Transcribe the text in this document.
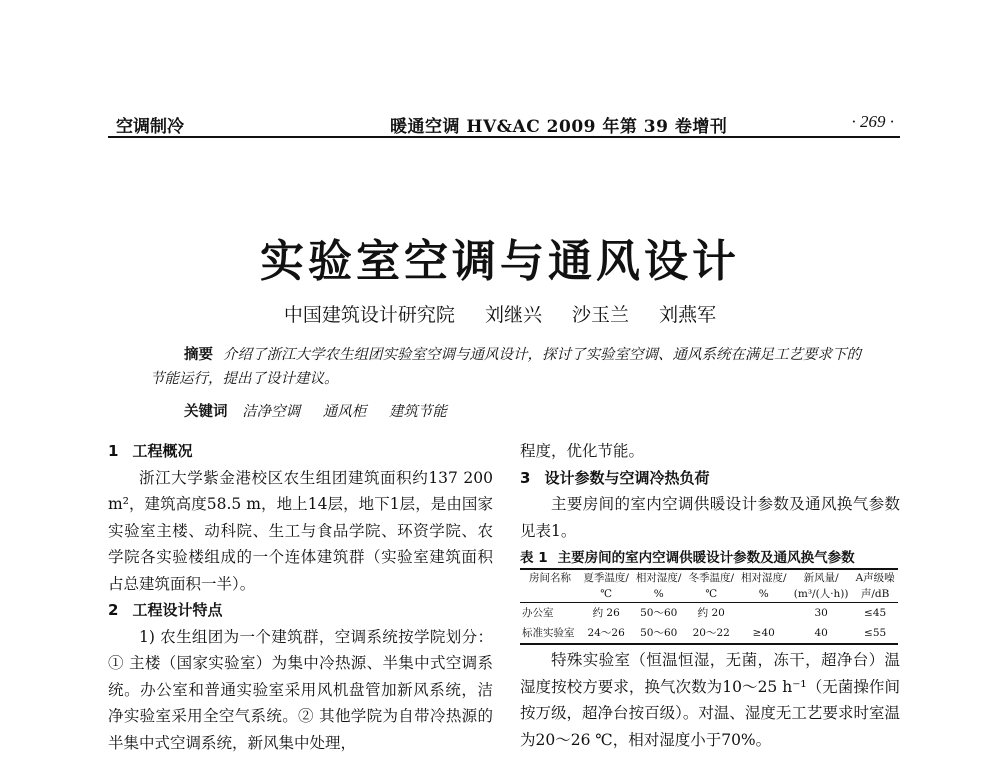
空调制冷	暖通空调 HV&AC 2009 年第 39 卷增刊	· 269 ·
实验室空调与通风设计
中国建筑设计研究院 刘继兴 沙玉兰 刘燕军
摘要 介绍了浙江大学农生组团实验室空调与通风设计，探讨了实验室空调、通风系统在满足工艺要求下的节能运行，提出了设计建议。
关键词 洁净空调 通风柜 建筑节能

1 工程概况

浙江大学紫金港校区农生组团建筑面积约137 200 m²，建筑高度58.5 m，地上14层，地下1层，是由国家实验室主楼、动科院、生工与食品学院、环资学院、农学院各实验楼组成的一个连体建筑群（实验室建筑面积占总建筑面积一半）。

2 工程设计特点

1) 农生组团为一个建筑群，空调系统按学院划分：① 主楼（国家实验室）为集中冷热源、半集中式空调系统。办公室和普通实验室采用风机盘管加新风系统，洁净实验室采用全空气系统。② 其他学院为自带冷热源的半集中式空调系统，新风集中处理，

程度，优化节能。

3 设计参数与空调冷热负荷

主要房间的室内空调供暖设计参数及通风换气参数见表1。

表 1 主要房间的室内空调供暖设计参数及通风换气参数
房间名称	夏季温度/	相对湿度/	冬季温度/	相对湿度/	新风量/	A声级噪
	℃	%	℃	%	(m³/(人·h))	声/dB
办公室	约 26	50～60	约 20		30	≤45
标准实验室	24～26	50～60	20～22	≥40	40	≤55

特殊实验室（恒温恒湿，无菌，冻干，超净台）温湿度按校方要求，换气次数为10～25 h⁻¹（无菌操作间按万级，超净台按百级）。对温、湿度无工艺要求时室温为20～26 ℃，相对湿度小于70%。
